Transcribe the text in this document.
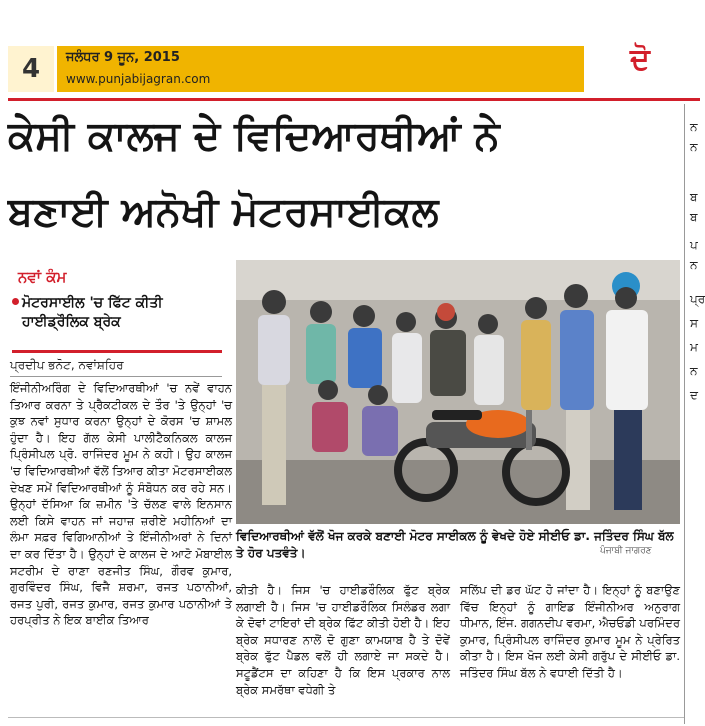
4	ਜਲੰਧਰ 9 ਜੂਨ, 2015
www.punjabijagran.com
ਦੋ
ਨ
ਨ
ਬ
ਬ
ਪ
ਨ
ਪ੍ਰ
ਸ
ਮ
ਨ
ਦ
ਕੇਸੀ ਕਾਲਜ ਦੇ ਵਿਦਿਆਰਥੀਆਂ ਨੇ
ਬਣਾਈ ਅਨੋਖੀ ਮੋਟਰਸਾਈਕਲ
ਨਵਾਂ ਕੰਮ
ਮੋਟਰਸਾਈਲ 'ਚ ਫਿੱਟ ਕੀਤੀ ਹਾਈਡ੍ਰੌਲਿਕ ਬ੍ਰੇਕ
ਪ੍ਰਦੀਪ ਭਨੋਟ, ਨਵਾਂਸ਼ਹਿਰ
ਇੰਜੀਨੀਅਰਿੰਗ ਦੇ ਵਿਦਿਆਰਥੀਆਂ 'ਚ ਨਵੇਂ ਵਾਹਨ ਤਿਆਰ ਕਰਨਾ ਤੇ ਪ੍ਰੈਕਟੀਕਲ ਦੇ ਤੌਰ 'ਤੇ ਉਨ੍ਹਾਂ 'ਚ ਕੁਝ ਨਵਾਂ ਸੁਧਾਰ ਕਰਨਾ ਉਨ੍ਹਾਂ ਦੇ ਕੋਰਸ 'ਚ ਸ਼ਾਮਲ ਹੁੰਦਾ ਹੈ। ਇਹ ਗੱਲ ਕੇਸੀ ਪਾਲੀਟੈਕਨਿਕਲ ਕਾਲਜ ਪ੍ਰਿੰਸੀਪਲ ਪ੍ਰੋ. ਰਾਜਿੰਦਰ ਮੂਮ ਨੇ ਕਹੀ। ਉਹ ਕਾਲਜ 'ਚ ਵਿਦਿਆਰਥੀਆਂ ਵੱਲੋਂ ਤਿਆਰ ਕੀਤਾ ਮੋਟਰਸਾਈਕਲ ਦੇਖਣ ਸਮੇਂ ਵਿਦਿਆਰਥੀਆਂ ਨੂੰ ਸੰਬੋਧਨ ਕਰ ਰਹੇ ਸਨ। ਉਨ੍ਹਾਂ ਦੱਸਿਆ ਕਿ ਜ਼ਮੀਨ 'ਤੇ ਚੱਲਣ ਵਾਲੇ ਇਨਸਾਨ ਲਈ ਕਿਸੇ ਵਾਹਨ ਜਾਂ ਜਹਾਜ਼ ਜ਼ਰੀਏ ਮਹੀਨਿਆਂ ਦਾ ਲੰਮਾ ਸਫ਼ਰ ਵਿਗਿਆਨੀਆਂ ਤੇ ਇੰਜੀਨੀਅਰਾਂ ਨੇ ਦਿਨਾਂ ਦਾ ਕਰ ਦਿੱਤਾ ਹੈ। ਉਨ੍ਹਾਂ ਦੇ ਕਾਲਜ ਦੇ ਆਟੋ ਮੋਬਾਈਲ ਸਟਰੀਮ ਦੇ ਰਾਣਾ ਰਣਜੀਤ ਸਿੰਘ, ਗੌਰਵ ਕੁਮਾਰ, ਗੁਰਵਿੰਦਰ ਸਿੰਘ, ਵਿਜੈ ਸ਼ਰਮਾ, ਰਜਤ ਪਠਾਨੀਆਂ, ਰਜਤ ਪੁਰੀ, ਰਜਤ ਕੁਮਾਰ, ਰਜਤ ਕੁਮਾਰ ਪਠਾਨੀਆਂ ਤੇ ਹਰਪ੍ਰੀਤ ਨੇ ਇਕ ਬਾਈਕ ਤਿਆਰ
ਵਿਦਿਆਰਥੀਆਂ ਵੱਲੋਂ ਖੋਜ ਕਰਕੇ ਬਣਾਈ ਮੋਟਰ ਸਾਈਕਲ ਨੂੰ ਵੇਖਦੇ ਹੋਏ ਸੀਈਓ ਡਾ. ਜਤਿੰਦਰ ਸਿੰਘ ਬੱਲ ਤੇ ਹੋਰ ਪਤਵੰਤੇ।	ਪੰਜਾਬੀ ਜਾਗਰਣ
ਕੀਤੀ ਹੈ। ਜਿਸ 'ਚ ਹਾਈਡਰੌਲਿਕ ਫੁੱਟ ਬ੍ਰੇਕ ਲਗਾਈ ਹੈ। ਜਿਸ 'ਚ ਹਾਈਡਰੌਲਿਕ ਸਿਲੰਡਰ ਲਗਾ ਕੇ ਦੋਵਾਂ ਟਾਇਰਾਂ ਦੀ ਬ੍ਰੇਕ ਫਿੱਟ ਕੀਤੀ ਹੋਈ ਹੈ। ਇਹ ਬ੍ਰੇਕ ਸਧਾਰਣ ਨਾਲੋਂ ਦੋ ਗੁਣਾ ਕਾਮਯਾਬ ਹੈ ਤੇ ਦੋਵੇਂ ਬ੍ਰੇਕ ਫੁੱਟ ਪੈਡਲ ਵਲੋਂ ਹੀ ਲਗਾਏ ਜਾ ਸਕਦੇ ਹੈ। ਸਟੂਡੈਂਟਸ ਦਾ ਕਹਿਣਾ ਹੈ ਕਿ ਇਸ ਪ੍ਰਕਾਰ ਨਾਲ ਬ੍ਰੇਕ ਸਮਰੱਥਾ ਵਧੇਗੀ ਤੇ
ਸਲਿੱਪ ਦੀ ਡਰ ਘੱਟ ਹੋ ਜਾਂਦਾ ਹੈ। ਇਨ੍ਹਾਂ ਨੂੰ ਬਣਾਉਣ ਵਿੱਚ ਇਨ੍ਹਾਂ ਨੂੰ ਗਾਇਡ ਇੰਜੀਨੀਅਰ ਅਨੁਰਾਗ ਧੀਮਾਨ, ਇੰਜ. ਗਗਨਦੀਪ ਵਰਮਾ, ਐਚਓਡੀ ਪਰਮਿੰਦਰ ਕੁਮਾਰ, ਪ੍ਰਿੰਸੀਪਲ ਰਾਜਿੰਦਰ ਕੁਮਾਰ ਮੂਮ ਨੇ ਪ੍ਰੇਰਿਤ ਕੀਤਾ ਹੈ। ਇਸ ਖੋਜ ਲਈ ਕੇਸੀ ਗਰੁੱਪ ਦੇ ਸੀਈਓ ਡਾ. ਜਤਿੰਦਰ ਸਿੰਘ ਬੱਲ ਨੇ ਵਧਾਈ ਦਿੱਤੀ ਹੈ।
